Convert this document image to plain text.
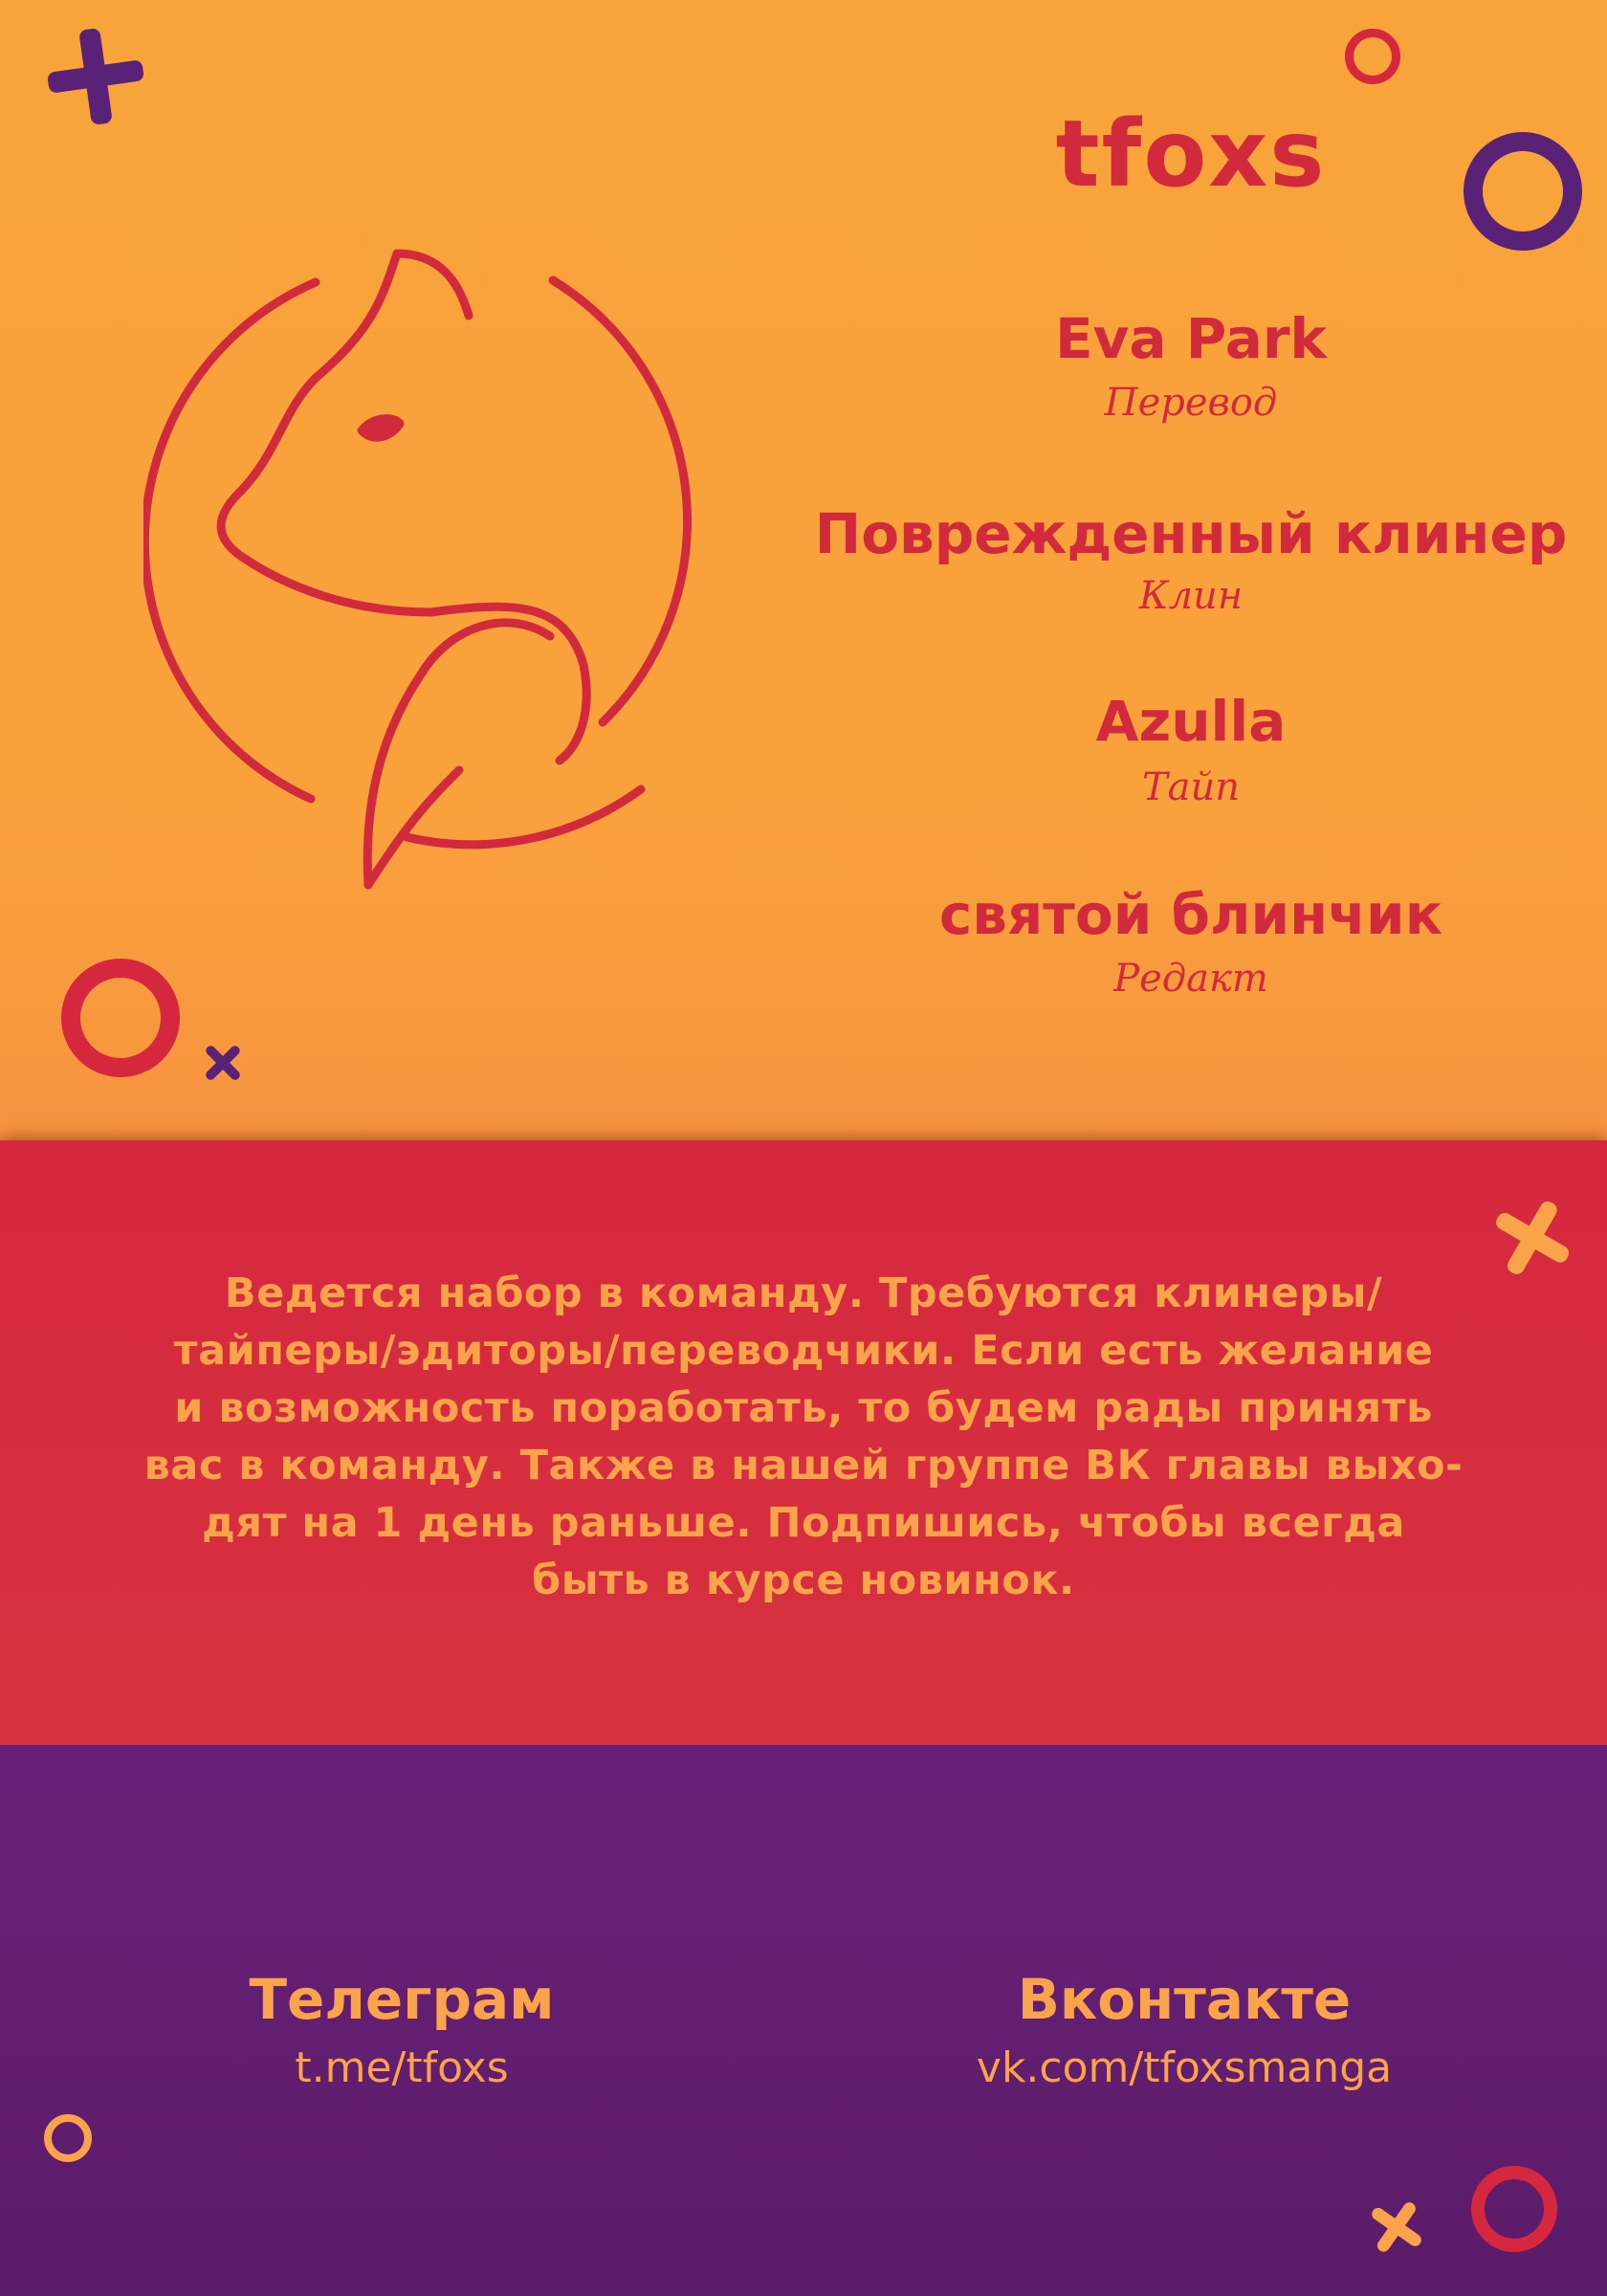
tfoxs
Eva Park
Перевод
Поврежденный клинер
Клин
Azulla
Тайп
святой блинчик
Редакт
Ведется набор в команду. Требуются клинеры/
тайперы/эдиторы/переводчики. Если есть желание
и возможность поработать, то будем рады принять
вас в команду. Также в нашей группе ВК главы выхо-
дят на 1 день раньше. Подпишись, чтобы всегда
быть в курсе новинок.
Телеграм
t.me/tfoxs
Вконтакте
vk.com/tfoxsmanga
